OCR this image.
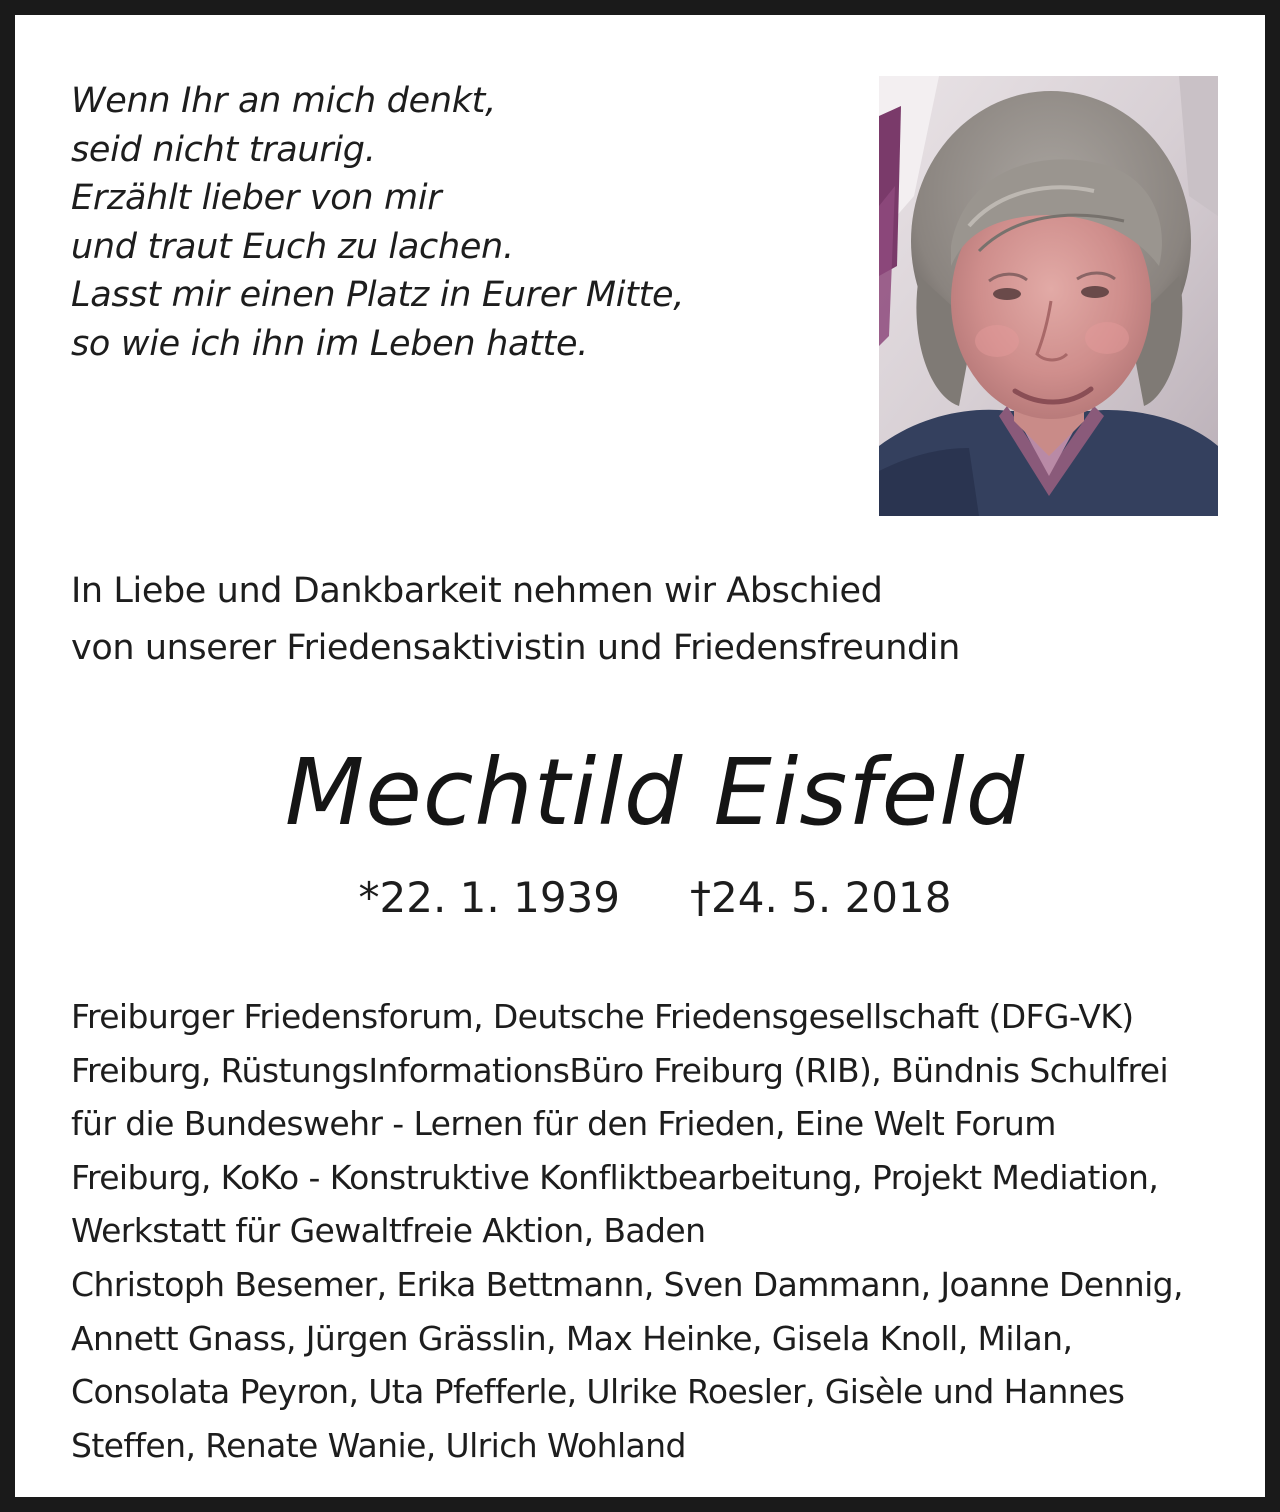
Wenn Ihr an mich denkt,
seid nicht traurig.
Erzählt lieber von mir
und traut Euch zu lachen.
Lasst mir einen Platz in Eurer Mitte,
so wie ich ihn im Leben hatte.
In Liebe und Dankbarkeit nehmen wir Abschied
von unserer Friedensaktivistin und Friedensfreundin
Mechtild Eisfeld
*22. 1. 1939 †24. 5. 2018
Freiburger Friedensforum, Deutsche Friedensgesellschaft (DFG-VK)
Freiburg, RüstungsInformationsBüro Freiburg (RIB), Bündnis Schulfrei
für die Bundeswehr - Lernen für den Frieden, Eine Welt Forum
Freiburg, KoKo - Konstruktive Konfliktbearbeitung, Projekt Mediation,
Werkstatt für Gewaltfreie Aktion, Baden
Christoph Besemer, Erika Bettmann, Sven Dammann, Joanne Dennig,
Annett Gnass, Jürgen Grässlin, Max Heinke, Gisela Knoll, Milan,
Consolata Peyron, Uta Pfefferle, Ulrike Roesler, Gisèle und Hannes
Steffen, Renate Wanie, Ulrich Wohland
